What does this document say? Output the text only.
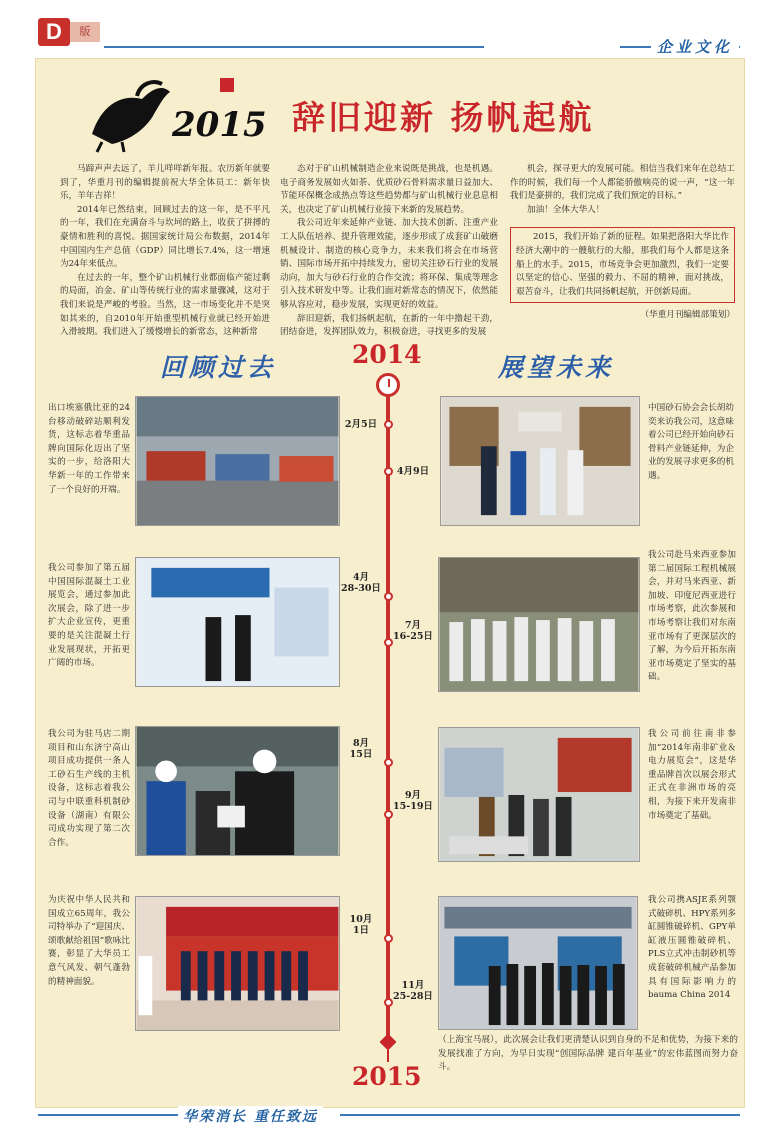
D	版
企业文化
2015 辞旧迎新 扬帆起航

马蹄声声去远了，羊儿咩咩新年报。农历新年就要到了，华重月刊的编辑提前祝大华全体员工：新年快乐，羊年吉祥！

2014年已然结束，回顾过去的这一年，是不平凡的一年，我们在充满奋斗与坎坷的路上，收获了拼搏的豪情和胜利的喜悦。据国家统计局公布数据，2014年中国国内生产总值（GDP）同比增长7.4%，这一增速为24年来低点。

在过去的一年，整个矿山机械行业都面临产能过剩的局面，冶金、矿山等传统行业的需求量骤减，这对于我们来说是严峻的考验。当然，这一市场变化并不是突如其来的，自2010年开始重型机械行业就已经开始进入滑坡期。我们进入了缓慢增长的新常态，这种新常

态对于矿山机械制造企业来说既是挑战，也是机遇。电子商务发展如火如荼、优质砂石骨料需求量日益加大、节能环保概念成热点等这些趋势都与矿山机械行业息息相关，也决定了矿山机械行业接下来新的发展趋势。

我公司近年来延伸产业链、加大技术创新、注重产业工人队伍培养、提升管理效能，逐步形成了成套矿山破磨机械设计、制造的核心竞争力，未来我们将会在市场营销、国际市场开拓中持续发力，密切关注砂石行业的发展动向，加大与砂石行业的合作交流；将环保、集成等理念引入技术研发中等。让我们面对新常态的情况下，依然能够从容应对，稳步发展，实现更好的效益。

辞旧迎新，我们扬帆起航，在新的一年中撸起干劲，团结奋进，发挥团队效力，积极奋进，寻找更多的发展

机会，探寻更大的发展可能。相信当我们来年在总结工作的时候，我们每一个人都能骄傲响亮的说一声，“这一年我们是豪拼的，我们完成了我们预定的目标。”

加油！全体大华人！

2015，我们开始了新的征程。如果把洛阳大华比作经济大潮中的一艘航行的大船，那我们每个人都是这条船上的水手。2015，市场竞争会更加激烈，我们一定要以坚定的信心、坚强的毅力、不屈的精神，面对挑战，艰苦奋斗，让我们共同扬帆起航，开创新局面。

（华重月刊编辑部策划）
回顾过去	展望未来
2014
2月5日
4月9日
4月
28-30日
7月
16-25日
8月
15日
9月
15-19日
10月
1日
11月
25-28日
2015
出口埃塞俄比亚的24台移动破碎站顺利发货，这标志着华重品牌向国际化迈出了坚实的一步，给洛阳大华新一年的工作带来了一个良好的开端。
中国砂石协会会长胡幼奕来访我公司，这意味着公司已经开始向砂石骨料产业链延伸，为企业的发展寻求更多的机遇。
我公司参加了第五届中国国际混凝土工业展览会，通过参加此次展会，除了进一步扩大企业宣传，更重要的是关注混凝土行业发展现状，开拓更广阔的市场。
我公司赴马来西亚参加第二届国际工程机械展会，并对马来西亚、新加坡、印度尼西亚进行市场考察，此次参展和市场考察让我们对东南亚市场有了更深层次的了解，为今后开拓东南亚市场奠定了坚实的基础。
我公司为驻马店二期项目和山东济宁高山项目成功提供一条人工砂石生产线的主机设备，这标志着我公司与中联重科机制砂设备（湖南）有限公司成功实现了第二次合作。
我公司前往南非参加“2014年南非矿业＆电力展览会”，这是华重品牌首次以展会形式正式在非洲市场的亮相，为接下来开发南非市场奠定了基础。
为庆祝中华人民共和国成立65周年，我公司特举办了“迎国庆、颂歌献给祖国”歌咏比赛，彰显了大华员工意气风发、朝气蓬勃的精神面貌。
我公司携ASJE系列颚式破碎机、HPY系列多缸圆锥破碎机、GPY单缸液压圆锥破碎机、PLS立式冲击制砂机等成套破碎机械产品参加具有国际影响力的bauma China 2014
（上海宝马展），此次展会让我们更清楚认识到自身的不足和优势，为接下来的发展找准了方向，为早日实现“创国际品牌 建百年基业”的宏伟蓝图而努力奋斗。
华荣消长 重任致远
